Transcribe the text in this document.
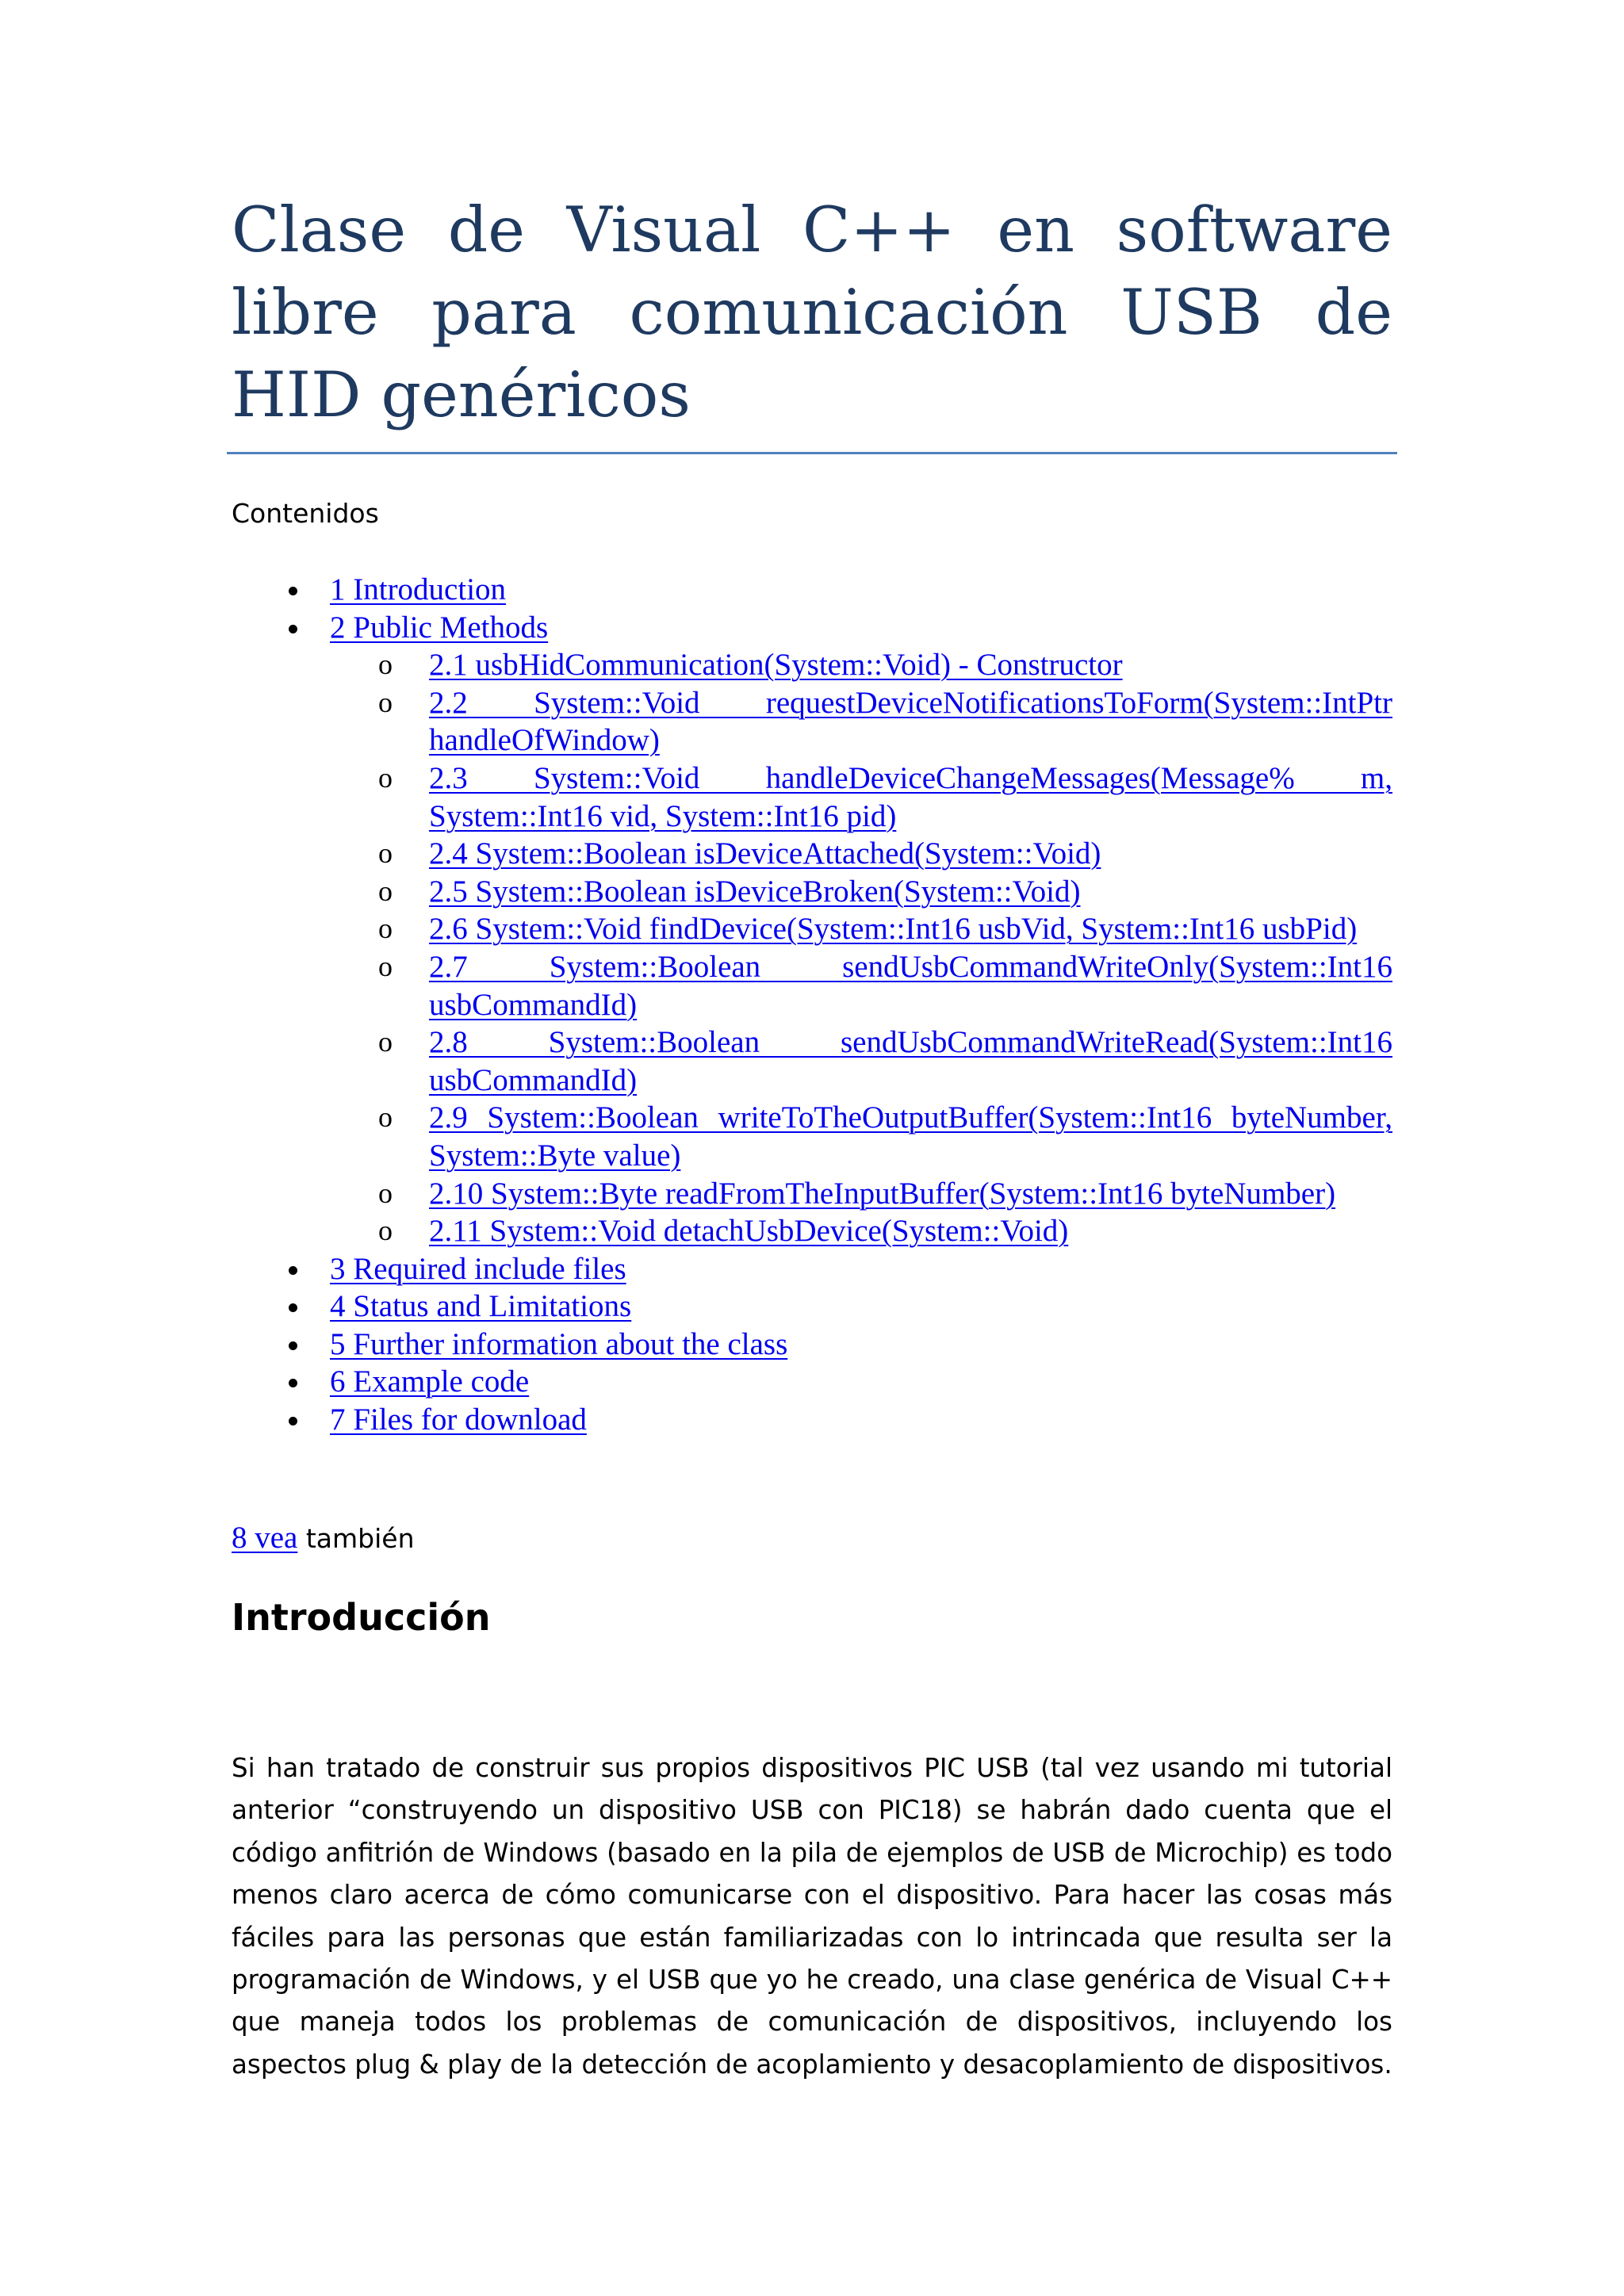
Clase de Visual C++ en software libre para comunicación USB de HID genéricos

Contenidos

1 Introduction
2 Public Methods
o 2.1 usbHidCommunication(System::Void) - Constructor
o 2.2 System::Void requestDeviceNotificationsToForm(System::IntPtr handleOfWindow)
o 2.3 System::Void handleDeviceChangeMessages(Message% m, System::Int16 vid, System::Int16 pid)
o 2.4 System::Boolean isDeviceAttached(System::Void)
o 2.5 System::Boolean isDeviceBroken(System::Void)
o 2.6 System::Void findDevice(System::Int16 usbVid, System::Int16 usbPid)
o 2.7 System::Boolean sendUsbCommandWriteOnly(System::Int16 usbCommandId)
o 2.8 System::Boolean sendUsbCommandWriteRead(System::Int16 usbCommandId)
o 2.9 System::Boolean writeToTheOutputBuffer(System::Int16 byteNumber, System::Byte value)
o 2.10 System::Byte readFromTheInputBuffer(System::Int16 byteNumber)
o 2.11 System::Void detachUsbDevice(System::Void)
3 Required include files
4 Status and Limitations
5 Further information about the class
6 Example code
7 Files for download

8 vea también

Introducción

Si han tratado de construir sus propios dispositivos PIC USB (tal vez usando mi tutorial anterior “construyendo un dispositivo USB con PIC18) se habrán dado cuenta que el código anfitrión de Windows (basado en la pila de ejemplos de USB de Microchip) es todo menos claro acerca de cómo comunicarse con el dispositivo. Para hacer las cosas más fáciles para las personas que están familiarizadas con lo intrincada que resulta ser la programación de Windows, y el USB que yo he creado, una clase genérica de Visual C++ que maneja todos los problemas de comunicación de dispositivos, incluyendo los aspectos plug & play de la detección de acoplamiento y desacoplamiento de dispositivos.
